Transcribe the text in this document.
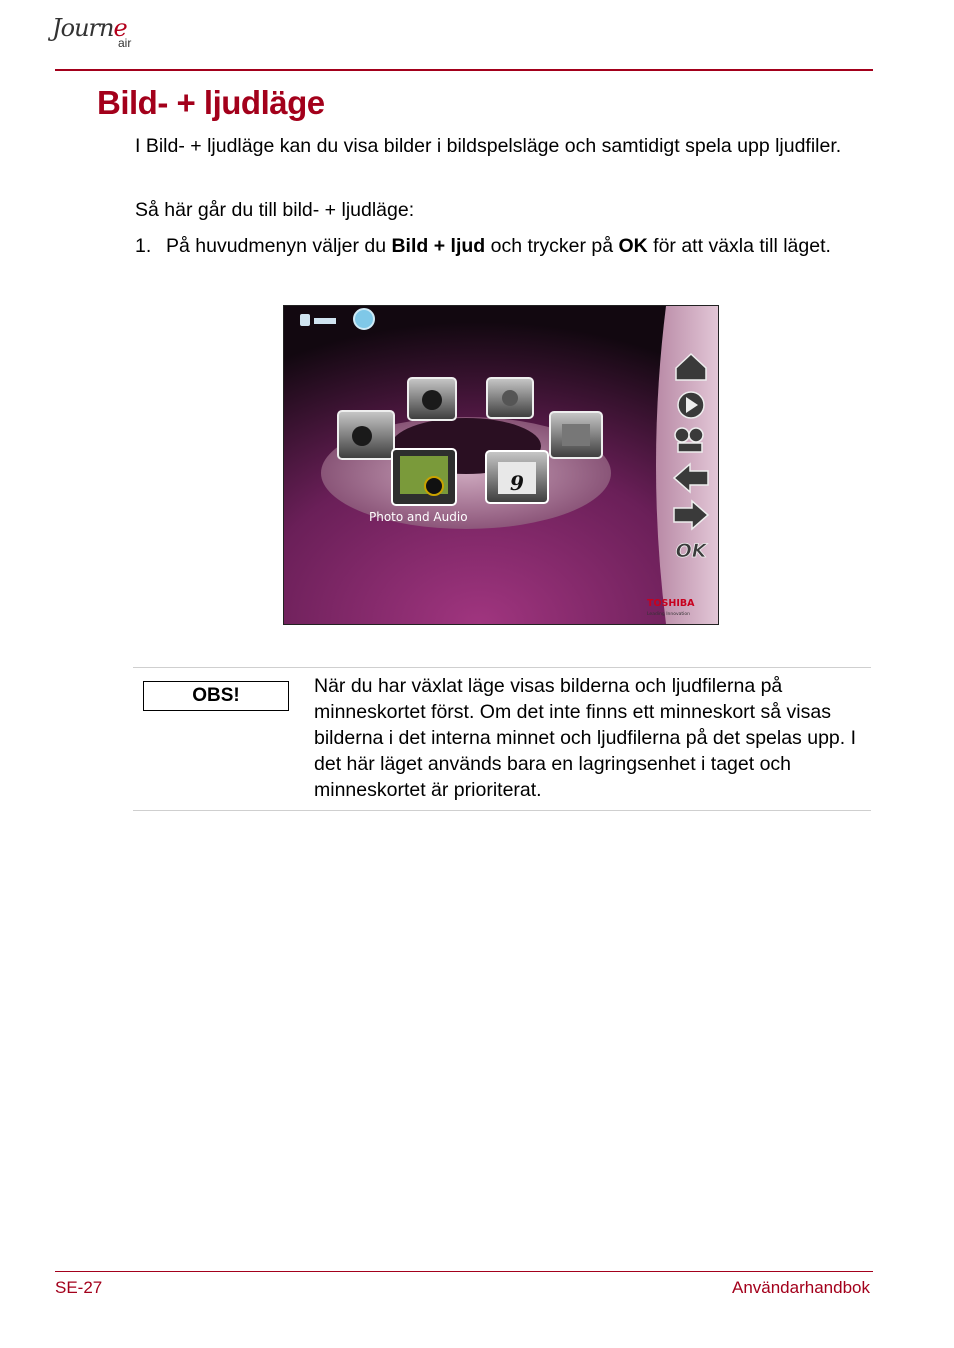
Journe
air
Bild- + ljudläge

I Bild- + ljudläge kan du visa bilder i bildspelsläge och samtidigt spela upp ljudfiler.

Så här går du till bild- + ljudläge:

1. På huvudmenyn väljer du Bild + ljud och trycker på OK för att växla till läget.
9
Photo and Audio
OK
TOSHIBA
Leading Innovation
OBS!	När du har växlat läge visas bilderna och ljudfilerna på minneskortet först. Om det inte finns ett minneskort så visas bilderna i det interna minnet och ljudfilerna på det spelas upp. I det här läget används bara en lagringsenhet i taget och minneskortet är prioriterat.
SE-27	Användarhandbok
